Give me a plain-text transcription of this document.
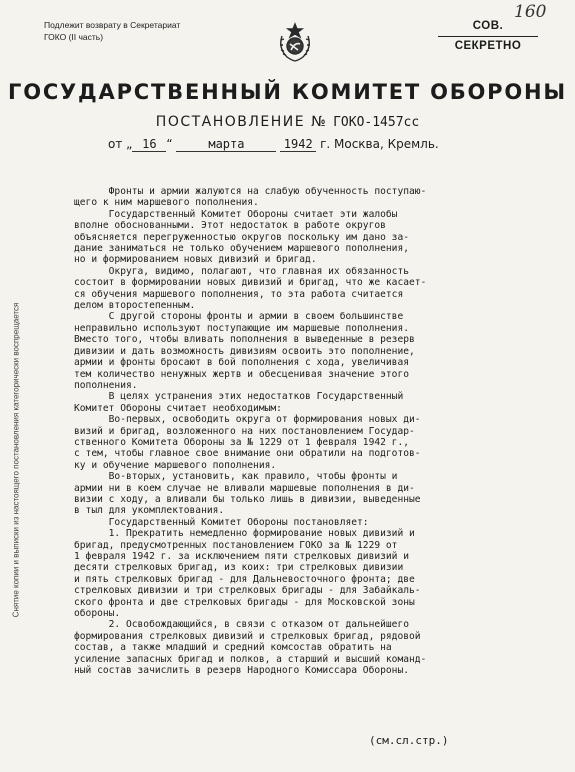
160
Подлежит возврату в Секретариат
ГОКО (II часть)
СОВ. СЕКРЕТНО
ГОСУДАРСТВЕННЫЙ КОМИТЕТ ОБОРОНЫ
ПОСТАНОВЛЕНИЕ № ГОКО-1457сс
от „ 16 “	марта	1942 г. Москва, Кремль.
Снятие копии и выписки из настоящего постановления категорически воспрещается
Фронты и армии жалуются на слабую обученность поступаю-
щего к ним маршевого пополнения.
Государственный Комитет Обороны считает эти жалобы
вполне обоснованными. Этот недостаток в работе округов
объясняется перегруженностью округов поскольку им дано за-
дание заниматься не только обучением маршевого пополнения,
но и формированием новых дивизий и бригад.
Округа, видимо, полагают, что главная их обязанность
состоит в формировании новых дивизий и бригад, что же касает-
ся обучения маршевого пополнения, то эта работа считается
делом второстепенным.
С другой стороны фронты и армии в своем большинстве
неправильно используют поступающие им маршевые пополнения.
Вместо того, чтобы вливать пополнения в выведенные в резерв
дивизии и дать возможность дивизиям освоить это пополнение,
армии и фронты бросают в бой пополнения с хода, увеличивая
тем количество ненужных жертв и обесценивая значение этого
пополнения.
В целях устранения этих недостатков Государственный
Комитет Обороны считает необходимым:
Во-первых, освободить округа от формирования новых ди-
визий и бригад, возложенного на них постановлением Государ-
ственного Комитета Обороны за № 1229 от 1 февраля 1942 г.,
с тем, чтобы главное свое внимание они обратили на подготов-
ку и обучение маршевого пополнения.
Во-вторых, установить, как правило, чтобы фронты и
армии ни в коем случае не вливали маршевые пополнения в ди-
визии с ходу, а вливали бы только лишь в дивизии, выведенные
в тыл для укомплектования.
Государственный Комитет Обороны постановляет:
1. Прекратить немедленно формирование новых дивизий и
бригад, предусмотренных постановлением ГОКО за № 1229 от
1 февраля 1942 г. за исключением пяти стрелковых дивизий и
десяти стрелковых бригад, из коих: три стрелковых дивизии
и пять стрелковых бригад - для Дальневосточного фронта; две
стрелковых дивизии и три стрелковых бригады - для Забайкаль-
ского фронта и две стрелковых бригады - для Московской зоны
обороны.
2. Освобождающийся, в связи с отказом от дальнейшего
формирования стрелковых дивизий и стрелковых бригад, рядовой
состав, а также младший и средний комсостав обратить на
усиление запасных бригад и полков, а старший и высший команд-
ный состав зачислить в резерв Народного Комиссара Обороны.
(см.сл.стр.)
